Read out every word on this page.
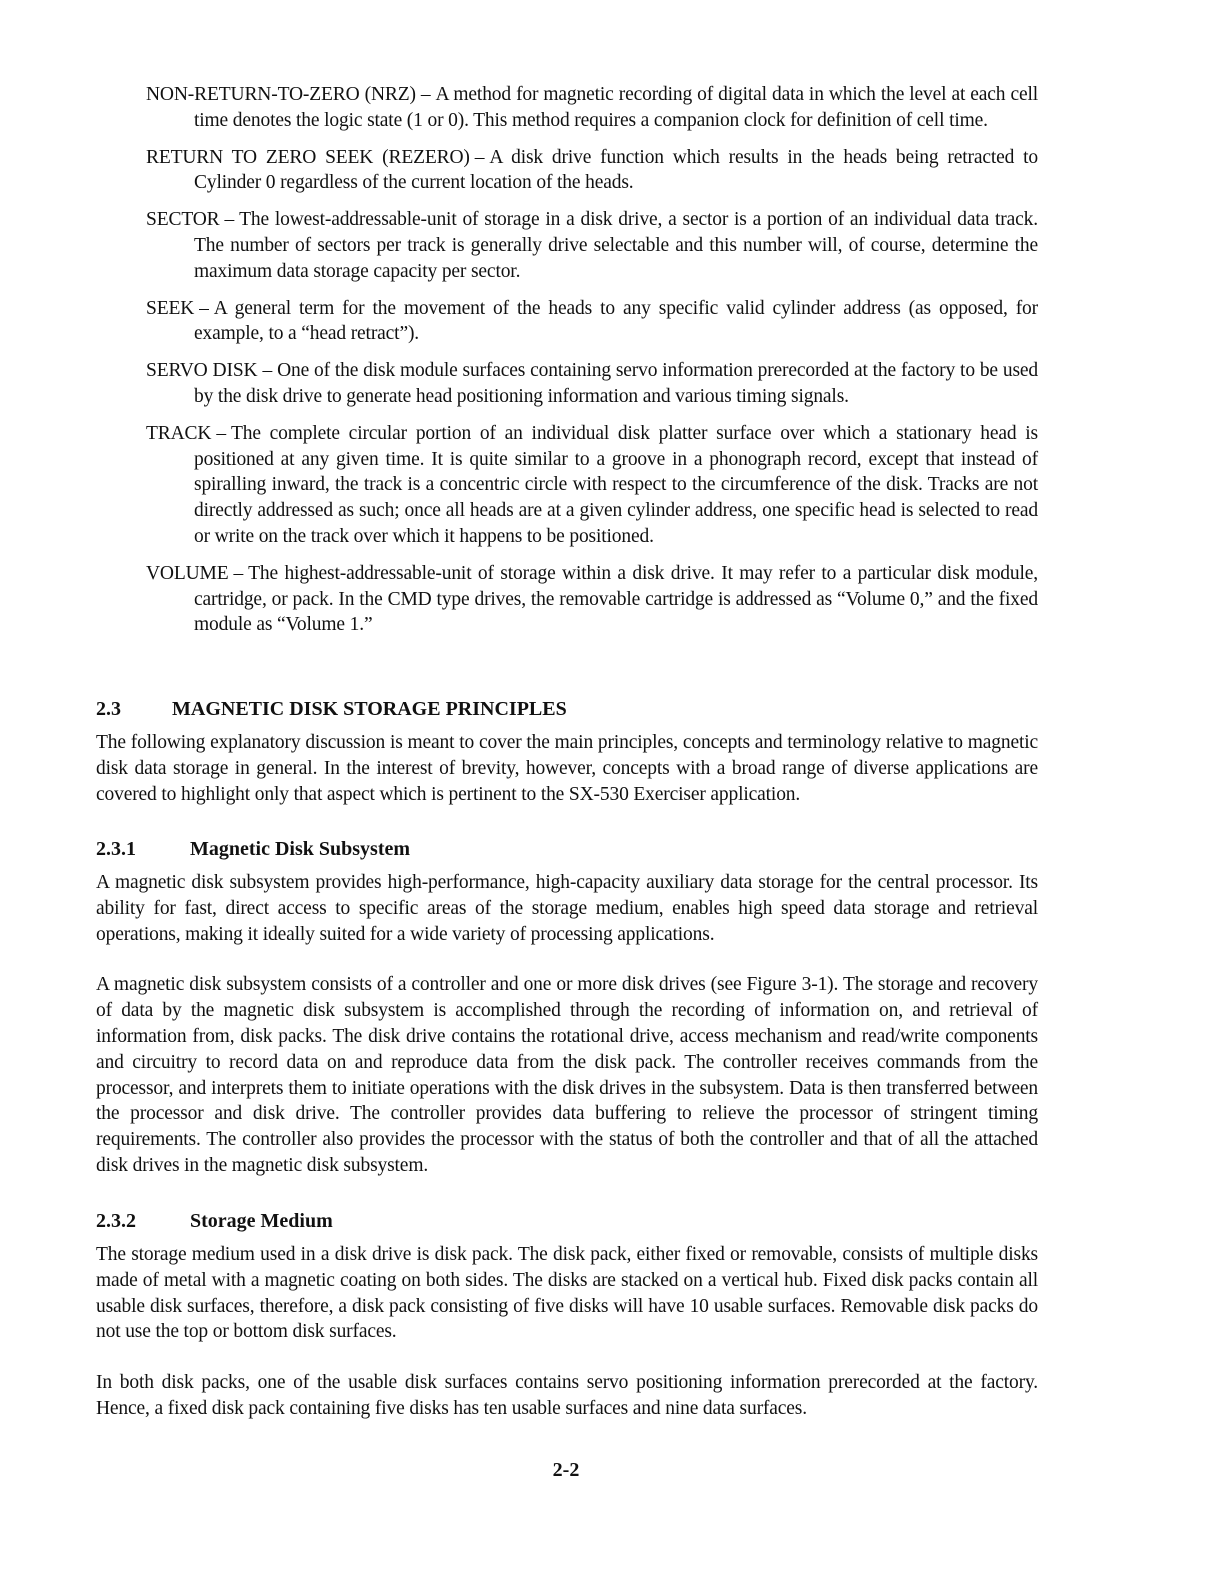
NON-RETURN-TO-ZERO (NRZ) – A method for magnetic recording of digital data in which the level at each cell time denotes the logic state (1 or 0). This method requires a companion clock for definition of cell time.

RETURN TO ZERO SEEK (REZERO) – A disk drive function which results in the heads being retracted to Cylinder 0 regardless of the current location of the heads.

SECTOR – The lowest-addressable-unit of storage in a disk drive, a sector is a portion of an individual data track. The number of sectors per track is generally drive selectable and this number will, of course, determine the maximum data storage capacity per sector.

SEEK – A general term for the movement of the heads to any specific valid cylinder address (as opposed, for example, to a “head retract”).

SERVO DISK – One of the disk module surfaces containing servo information prerecorded at the factory to be used by the disk drive to generate head positioning information and various timing signals.

TRACK – The complete circular portion of an individual disk platter surface over which a stationary head is positioned at any given time. It is quite similar to a groove in a phonograph record, except that instead of spiralling inward, the track is a concentric circle with respect to the circumference of the disk. Tracks are not directly addressed as such; once all heads are at a given cylinder address, one specific head is selected to read or write on the track over which it happens to be positioned.

VOLUME – The highest-addressable-unit of storage within a disk drive. It may refer to a particular disk module, cartridge, or pack. In the CMD type drives, the removable cartridge is addressed as “Volume 0,” and the fixed module as “Volume 1.”

2.3	MAGNETIC DISK STORAGE PRINCIPLES

The following explanatory discussion is meant to cover the main principles, concepts and terminology relative to magnetic disk data storage in general. In the interest of brevity, however, concepts with a broad range of diverse applications are covered to highlight only that aspect which is pertinent to the SX-530 Exerciser application.

2.3.1	Magnetic Disk Subsystem

A magnetic disk subsystem provides high-performance, high-capacity auxiliary data storage for the central processor. Its ability for fast, direct access to specific areas of the storage medium, enables high speed data storage and retrieval operations, making it ideally suited for a wide variety of processing applications.

A magnetic disk subsystem consists of a controller and one or more disk drives (see Figure 3-1). The storage and recovery of data by the magnetic disk subsystem is accomplished through the recording of information on, and retrieval of information from, disk packs. The disk drive contains the rotational drive, access mechanism and read/write components and circuitry to record data on and reproduce data from the disk pack. The controller receives commands from the processor, and interprets them to initiate operations with the disk drives in the subsystem. Data is then transferred between the processor and disk drive. The controller provides data buffering to relieve the processor of stringent timing requirements. The controller also provides the processor with the status of both the controller and that of all the attached disk drives in the magnetic disk subsystem.

2.3.2	Storage Medium

The storage medium used in a disk drive is disk pack. The disk pack, either fixed or removable, consists of multiple disks made of metal with a magnetic coating on both sides. The disks are stacked on a vertical hub. Fixed disk packs contain all usable disk surfaces, therefore, a disk pack consisting of five disks will have 10 usable surfaces. Removable disk packs do not use the top or bottom disk surfaces.

In both disk packs, one of the usable disk surfaces contains servo positioning information prerecorded at the factory. Hence, a fixed disk pack containing five disks has ten usable surfaces and nine data surfaces.

2-2
